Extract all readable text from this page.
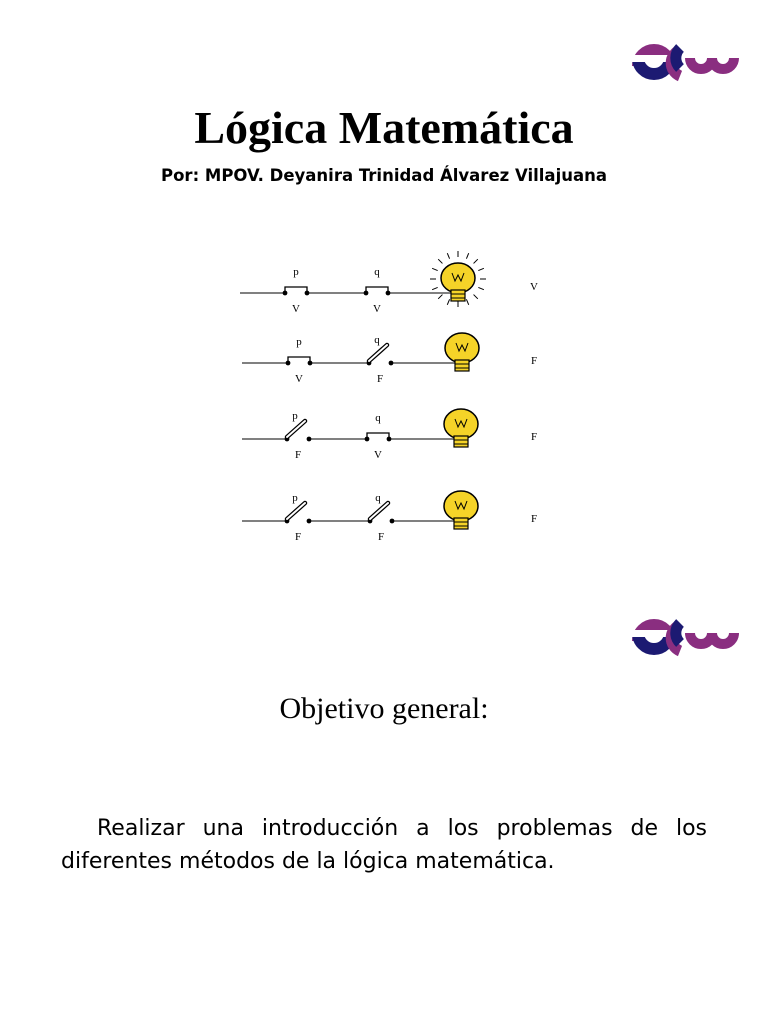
Lógica Matemática
Por: MPOV. Deyanira Trinidad Álvarez Villajuana
p	q
V	V
V
p	q
V	F
F
p	q
F	V
F
p	q
F	F
F
Objetivo general:

Realizar una introducción a los problemas de los diferentes métodos de la lógica matemática.
